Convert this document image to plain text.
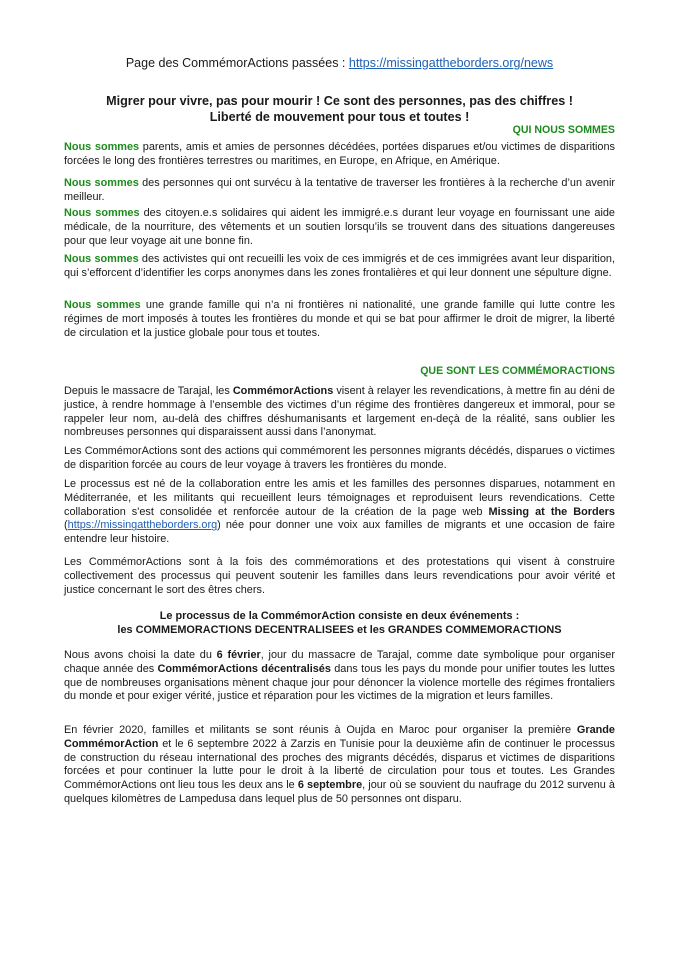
Page des CommémorActions passées : https://missingattheborders.org/news
Migrer pour vivre, pas pour mourir ! Ce sont des personnes, pas des chiffres !
Liberté de mouvement pour tous et toutes !
QUI NOUS SOMMES
Nous sommes parents, amis et amies de personnes décédées, portées disparues et/ou victimes de disparitions forcées le long des frontières terrestres ou maritimes, en Europe, en Afrique, en Amérique.
Nous sommes des personnes qui ont survécu à la tentative de traverser les frontières à la recherche d’un avenir meilleur.
Nous sommes des citoyen.e.s solidaires qui aident les immigré.e.s durant leur voyage en fournissant une aide médicale, de la nourriture, des vêtements et un soutien lorsqu’ils se trouvent dans des situations dangereuses pour que leur voyage ait une bonne fin.
Nous sommes des activistes qui ont recueilli les voix de ces immigrés et de ces immigrées avant leur disparition, qui s’efforcent d’identifier les corps anonymes dans les zones frontalières et qui leur donnent une sépulture digne.
Nous sommes une grande famille qui n’a ni frontières ni nationalité, une grande famille qui lutte contre les régimes de mort imposés à toutes les frontières du monde et qui se bat pour affirmer le droit de migrer, la liberté de circulation et la justice globale pour tous et toutes.
QUE SONT LES COMMÉMORACTIONS
Depuis le massacre de Tarajal, les CommémorActions visent à relayer les revendications, à mettre fin au déni de justice, à rendre hommage à l’ensemble des victimes d’un régime des frontières dangereux et immoral, pour se rappeler leur nom, au-delà des chiffres déshumanisants et largement en-deçà de la réalité, sans oublier les nombreuses personnes qui disparaissent aussi dans l’anonymat.
Les CommémorActions sont des actions qui commémorent les personnes migrants décédés, disparues o victimes de disparition forcée au cours de leur voyage à travers les frontières du monde.
Le processus est né de la collaboration entre les amis et les familles des personnes disparues, notamment en Méditerranée, et les militants qui recueillent leurs témoignages et reproduisent leurs revendications. Cette collaboration s'est consolidée et renforcée autour de la création de la page web Missing at the Borders (https://missingattheborders.org) née pour donner une voix aux familles de migrants et une occasion de faire entendre leur histoire.
Les CommémorActions sont à la fois des commémorations et des protestations qui visent à construire collectivement des processus qui peuvent soutenir les familles dans leurs revendications pour avoir vérité et justice concernant le sort des êtres chers.
Le processus de la CommémorAction consiste en deux événements :
les COMMEMORACTIONS DECENTRALISEES et les GRANDES COMMEMORACTIONS
Nous avons choisi la date du 6 février, jour du massacre de Tarajal, comme date symbolique pour organiser chaque année des CommémorActions décentralisés dans tous les pays du monde pour unifier toutes les luttes que de nombreuses organisations mènent chaque jour pour dénoncer la violence mortelle des régimes frontaliers du monde et pour exiger vérité, justice et réparation pour les victimes de la migration et leurs familles.
En février 2020, familles et militants se sont réunis à Oujda en Maroc pour organiser la première Grande CommémorAction et le 6 septembre 2022 à Zarzis en Tunisie pour la deuxième afin de continuer le processus de construction du réseau international des proches des migrants décédés, disparus et victimes de disparitions forcées et pour continuer la lutte pour le droit à la liberté de circulation pour tous et toutes. Les Grandes CommémorActions ont lieu tous les deux ans le 6 septembre, jour où se souvient du naufrage du 2012 survenu à quelques kilomètres de Lampedusa dans lequel plus de 50 personnes ont disparu.
